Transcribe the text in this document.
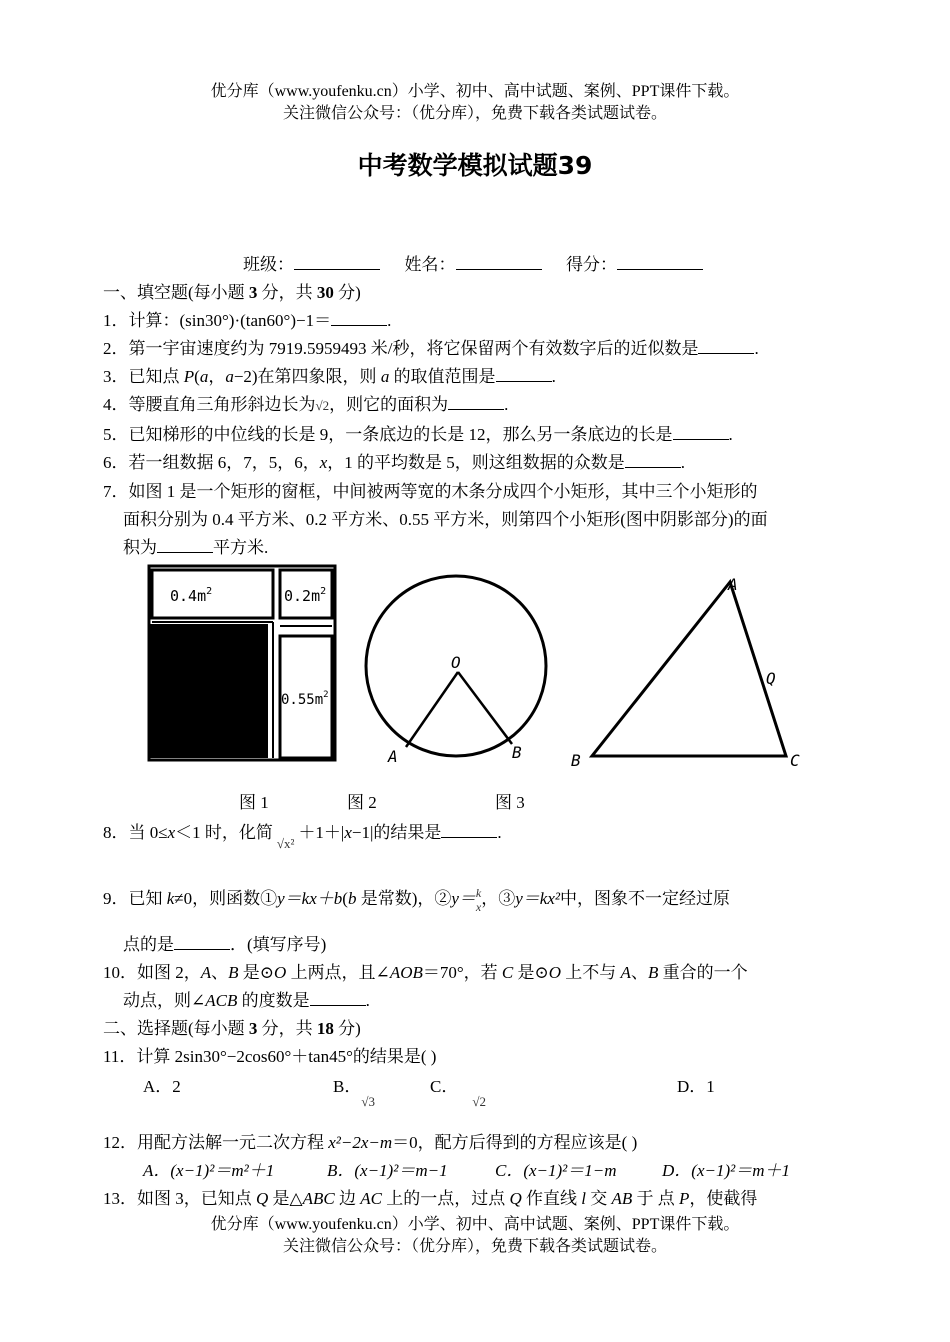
优分库（www.youfenku.cn）小学、初中、高中试题、案例、PPT课件下载。
关注微信公众号：（优分库），免费下载各类试题试卷。
中考数学模拟试题39
班级：	姓名：	得分：
一、填空题(每小题 3 分，共 30 分)
1．计算：(sin30°)·(tan60°)−1＝	.
2．第一宇宙速度约为 7919.5959493 米/秒，将它保留两个有效数字后的近似数是	.
3．已知点 P(a，a−2)在第四象限，则 a 的取值范围是	.
4．等腰直角三角形斜边长为√2，则它的面积为	.
5．已知梯形的中位线的长是 9，一条底边的长是 12，那么另一条底边的长是	.
6．若一组数据 6，7，5，6，x，1 的平均数是 5，则这组数据的众数是	.
7．如图 1 是一个矩形的窗框，中间被两等宽的木条分成四个小矩形，其中三个小矩形的
面积分别为 0.4 平方米、0.2 平方米、0.55 平方米，则第四个小矩形(图中阴影部分)的面
积为	平方米.
$0.4m^2$	$0.2m^2$
$0.55m^2$
O
A	B
A
B	C
Q
图 1	图 2	图 3
8．当 0≤x＜1 时，化简√x²＋1＋|x−1|的结果是	.
9．已知 k≠0，则函数①y＝kx＋b(b 是常数)，②y＝ k
x ，③y＝kx²中，图象不一定经过原
点的是	．(填写序号)
10．如图 2，A、B 是⊙O 上两点，且∠AOB＝70°，若 C 是⊙O 上不与 A、B 重合的一个
动点，则∠ACB 的度数是	.
二、选择题(每小题 3 分，共 18 分)
11．计算 2sin30°−2cos60°＋tan45°的结果是( )
A．2	B．√3
C．√2
D．1
12．用配方法解一元二次方程 x²−2x−m＝0，配方后得到的方程应该是( )
A．(x−1)²＝m²＋1	B．(x−1)²＝m−1	C．(x−1)²＝1−m	D．(x−1)²＝m＋1
13．如图 3，已知点 Q 是△ABC 边 AC 上的一点，过点 Q 作直线 l 交 AB 于 点 P，使截得
优分库（www.youfenku.cn）小学、初中、高中试题、案例、PPT课件下载。
关注微信公众号：（优分库），免费下载各类试题试卷。
